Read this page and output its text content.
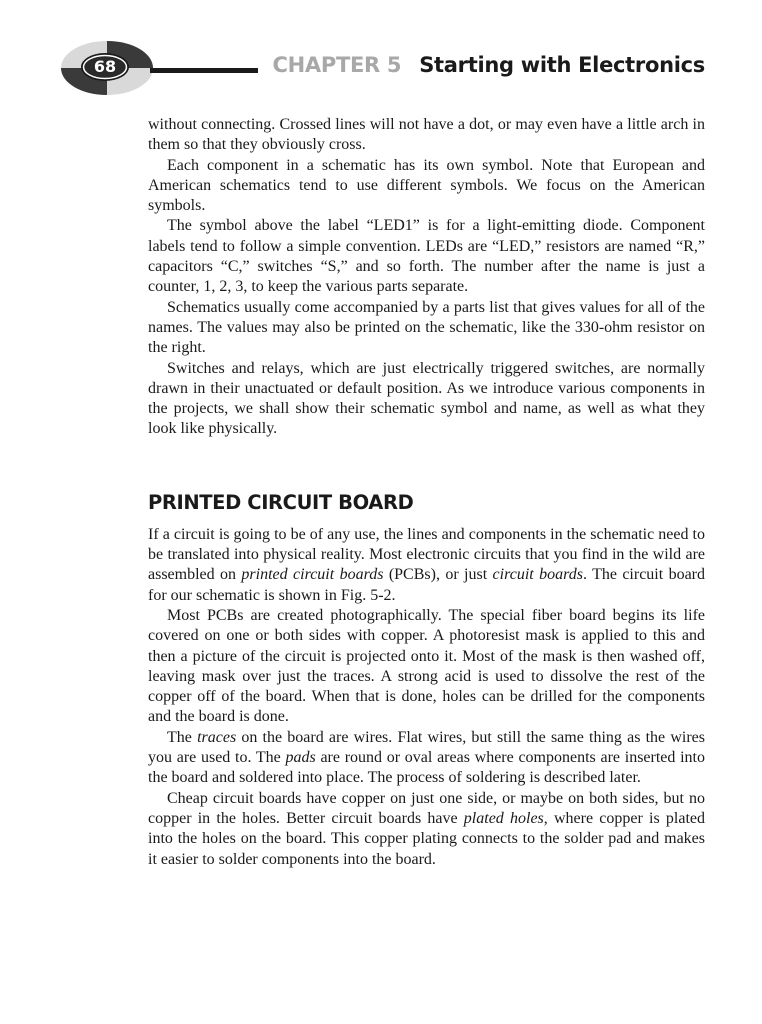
68	CHAPTER 5 Starting with Electronics

without connecting. Crossed lines will not have a dot, or may even have a little arch in them so that they obviously cross.

Each component in a schematic has its own symbol. Note that European and American schematics tend to use different symbols. We focus on the American symbols.

The symbol above the label “LED1” is for a light-emitting diode. Component labels tend to follow a simple convention. LEDs are “LED,” resistors are named “R,” capacitors “C,” switches “S,” and so forth. The number after the name is just a counter, 1, 2, 3, to keep the various parts separate.

Schematics usually come accompanied by a parts list that gives values for all of the names. The values may also be printed on the schematic, like the 330-ohm resistor on the right.

Switches and relays, which are just electrically triggered switches, are normally drawn in their unactuated or default position. As we introduce various components in the projects, we shall show their schematic symbol and name, as well as what they look like physically.

PRINTED CIRCUIT BOARD

If a circuit is going to be of any use, the lines and components in the schematic need to be translated into physical reality. Most electronic circuits that you find in the wild are assembled on printed circuit boards (PCBs), or just circuit boards. The circuit board for our schematic is shown in Fig. 5-2.

Most PCBs are created photographically. The special fiber board begins its life covered on one or both sides with copper. A photoresist mask is applied to this and then a picture of the circuit is projected onto it. Most of the mask is then washed off, leaving mask over just the traces. A strong acid is used to dissolve the rest of the copper off of the board. When that is done, holes can be drilled for the components and the board is done.

The traces on the board are wires. Flat wires, but still the same thing as the wires you are used to. The pads are round or oval areas where components are inserted into the board and soldered into place. The process of soldering is described later.

Cheap circuit boards have copper on just one side, or maybe on both sides, but no copper in the holes. Better circuit boards have plated holes, where copper is plated into the holes on the board. This copper plating connects to the solder pad and makes it easier to solder components into the board.
